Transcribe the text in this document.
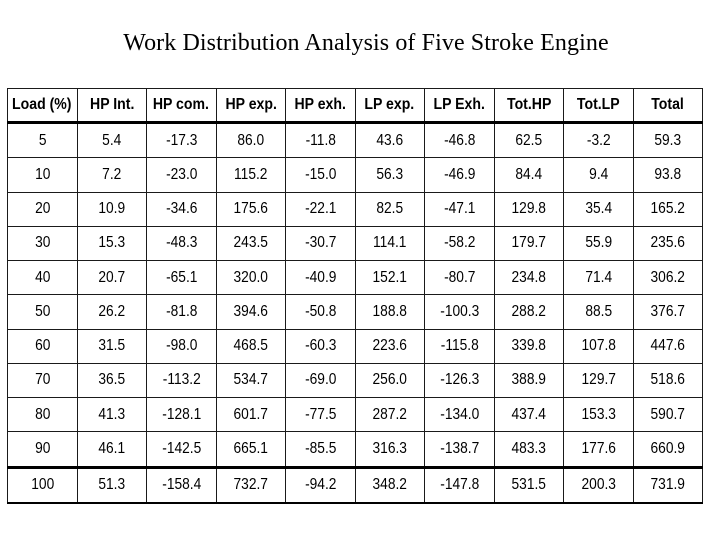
Work Distribution Analysis of Five Stroke Engine
Load (%)	HP Int.	HP com.	HP exp.	HP exh.	LP exp.	LP Exh.	Tot.HP	Tot.LP	Total
5	5.4	-17.3	86.0	-11.8	43.6	-46.8	62.5	-3.2	59.3
10	7.2	-23.0	115.2	-15.0	56.3	-46.9	84.4	9.4	93.8
20	10.9	-34.6	175.6	-22.1	82.5	-47.1	129.8	35.4	165.2
30	15.3	-48.3	243.5	-30.7	114.1	-58.2	179.7	55.9	235.6
40	20.7	-65.1	320.0	-40.9	152.1	-80.7	234.8	71.4	306.2
50	26.2	-81.8	394.6	-50.8	188.8	-100.3	288.2	88.5	376.7
60	31.5	-98.0	468.5	-60.3	223.6	-115.8	339.8	107.8	447.6
70	36.5	-113.2	534.7	-69.0	256.0	-126.3	388.9	129.7	518.6
80	41.3	-128.1	601.7	-77.5	287.2	-134.0	437.4	153.3	590.7
90	46.1	-142.5	665.1	-85.5	316.3	-138.7	483.3	177.6	660.9
100	51.3	-158.4	732.7	-94.2	348.2	-147.8	531.5	200.3	731.9
